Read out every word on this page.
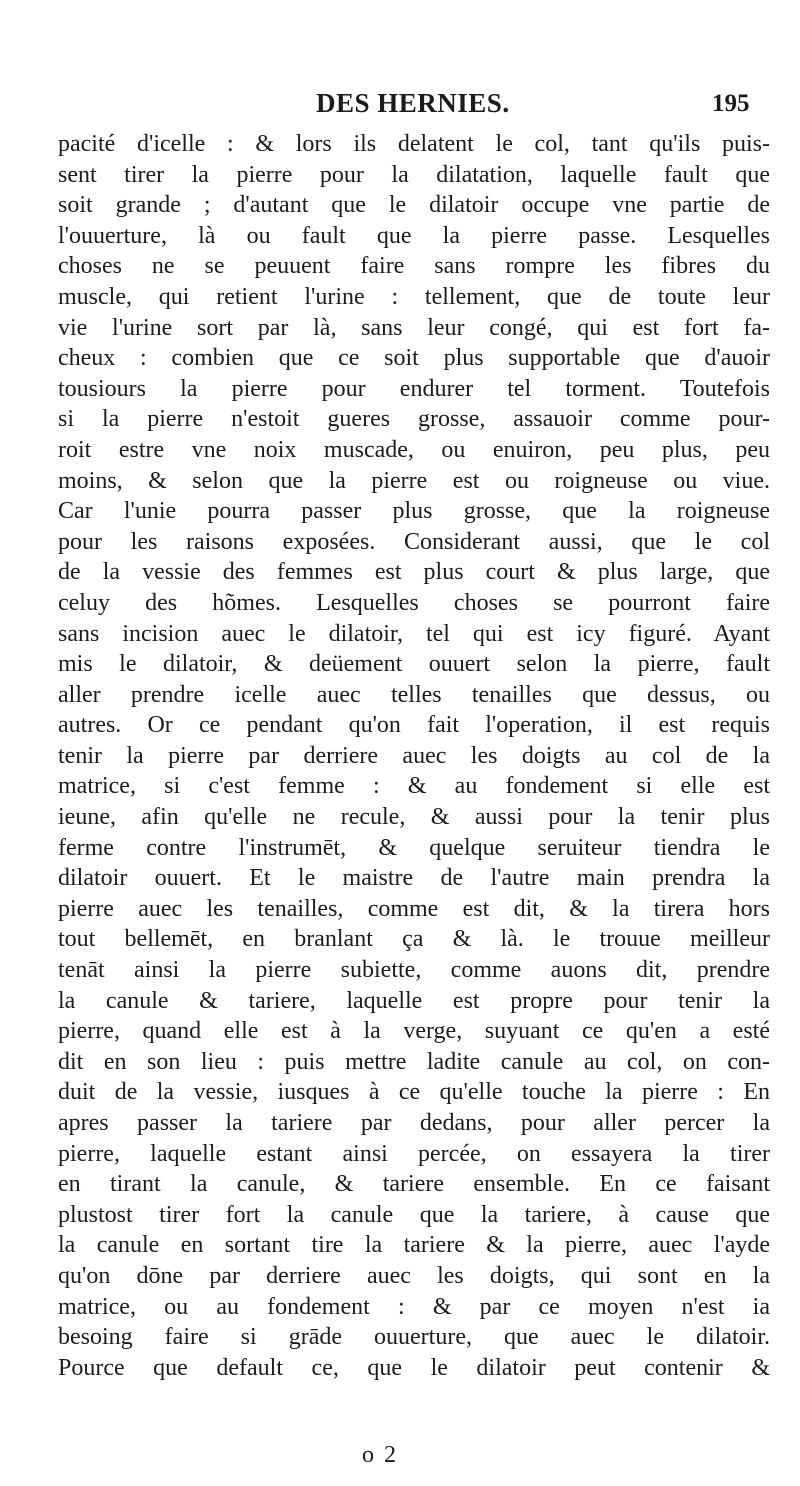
DES HERNIES.	195
pacité d'icelle : & lors ils delatent le col, tant qu'ils puis-
sent tirer la pierre pour la dilatation, laquelle fault que
soit grande ; d'autant que le dilatoir occupe vne partie de
l'ouuerture, là ou fault que la pierre passe. Lesquelles
choses ne se peuuent faire sans rompre les fibres du
muscle, qui retient l'urine : tellement, que de toute leur
vie l'urine sort par là, sans leur congé, qui est fort fa-
cheux : combien que ce soit plus supportable que d'auoir
tousiours la pierre pour endurer tel torment. Toutefois
si la pierre n'estoit gueres grosse, assauoir comme pour-
roit estre vne noix muscade, ou enuiron, peu plus, peu
moins, & selon que la pierre est ou roigneuse ou viue.
Car l'unie pourra passer plus grosse, que la roigneuse
pour les raisons exposées. Considerant aussi, que le col
de la vessie des femmes est plus court & plus large, que
celuy des hõmes. Lesquelles choses se pourront faire
sans incision auec le dilatoir, tel qui est icy figuré. Ayant
mis le dilatoir, & deüement ouuert selon la pierre, fault
aller prendre icelle auec telles tenailles que dessus, ou
autres. Or ce pendant qu'on fait l'operation, il est requis
tenir la pierre par derriere auec les doigts au col de la
matrice, si c'est femme : & au fondement si elle est
ieune, afin qu'elle ne recule, & aussi pour la tenir plus
ferme contre l'instrumēt, & quelque seruiteur tiendra le
dilatoir ouuert. Et le maistre de l'autre main prendra la
pierre auec les tenailles, comme est dit, & la tirera hors
tout bellemēt, en branlant ça & là. le trouue meilleur
tenāt ainsi la pierre subiette, comme auons dit, prendre
la canule & tariere, laquelle est propre pour tenir la
pierre, quand elle est à la verge, suyuant ce qu'en a esté
dit en son lieu : puis mettre ladite canule au col, on con-
duit de la vessie, iusques à ce qu'elle touche la pierre : En
apres passer la tariere par dedans, pour aller percer la
pierre, laquelle estant ainsi percée, on essayera la tirer
en tirant la canule, & tariere ensemble. En ce faisant
plustost tirer fort la canule que la tariere, à cause que
la canule en sortant tire la tariere & la pierre, auec l'ayde
qu'on dōne par derriere auec les doigts, qui sont en la
matrice, ou au fondement : & par ce moyen n'est ia
besoing faire si grāde ouuerture, que auec le dilatoir.
Pource que default ce, que le dilatoir peut contenir &
o 2
